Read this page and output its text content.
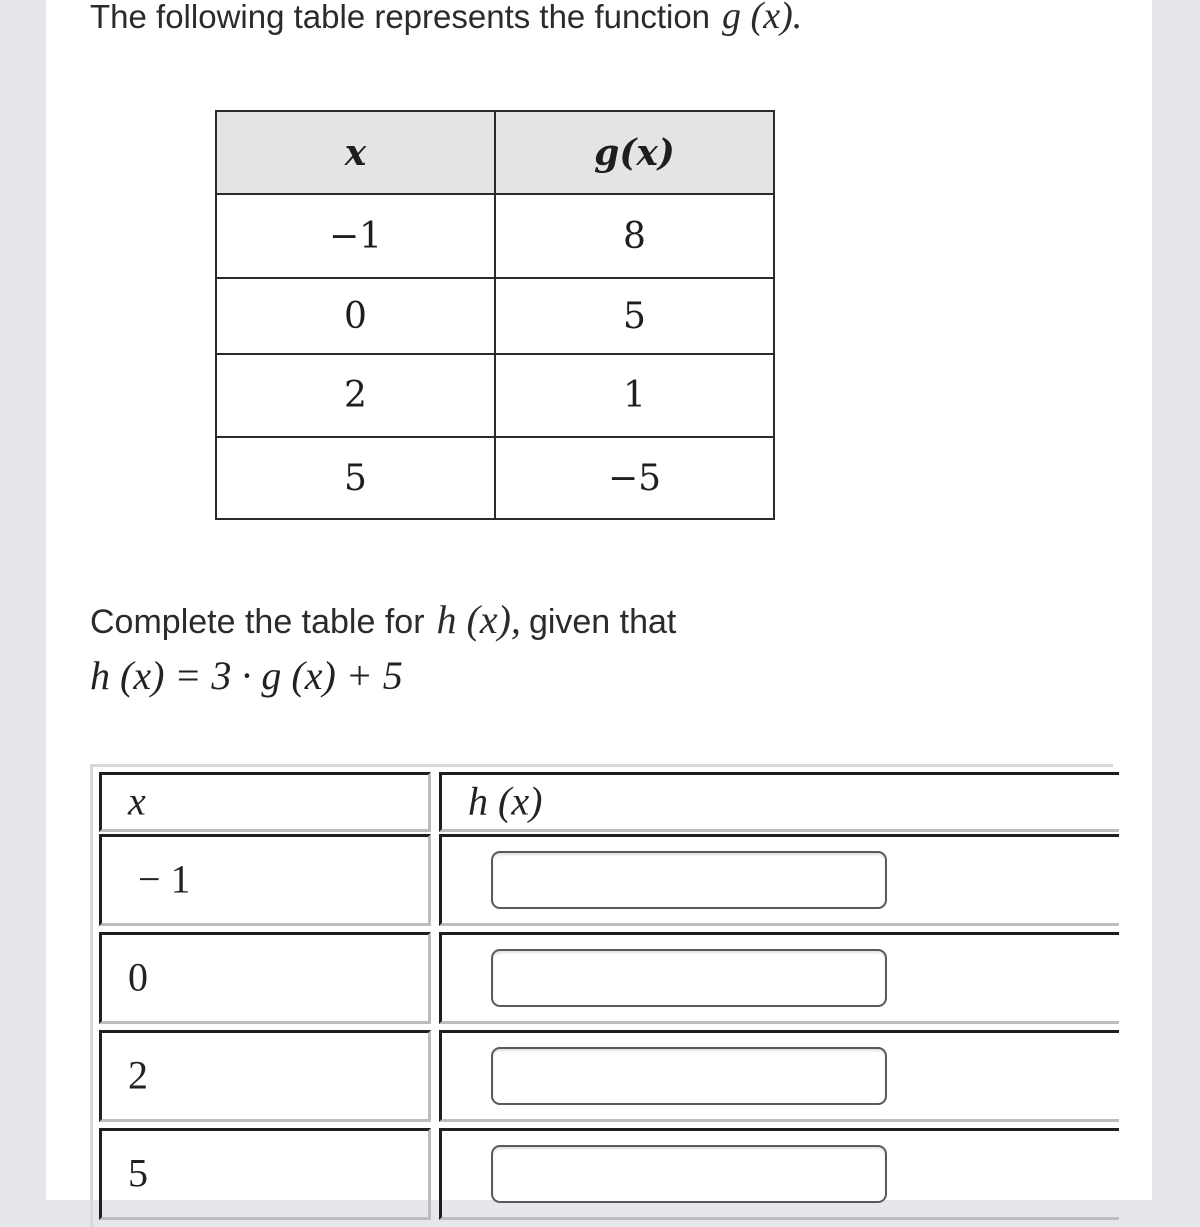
The following table represents the function g (x).
x	g(x)
−1	8
0	5
2	1
5	−5
Complete the table for h (x), given that
h (x) = 3 · g (x) + 5
x	h (x)
− 1
0
2
5
